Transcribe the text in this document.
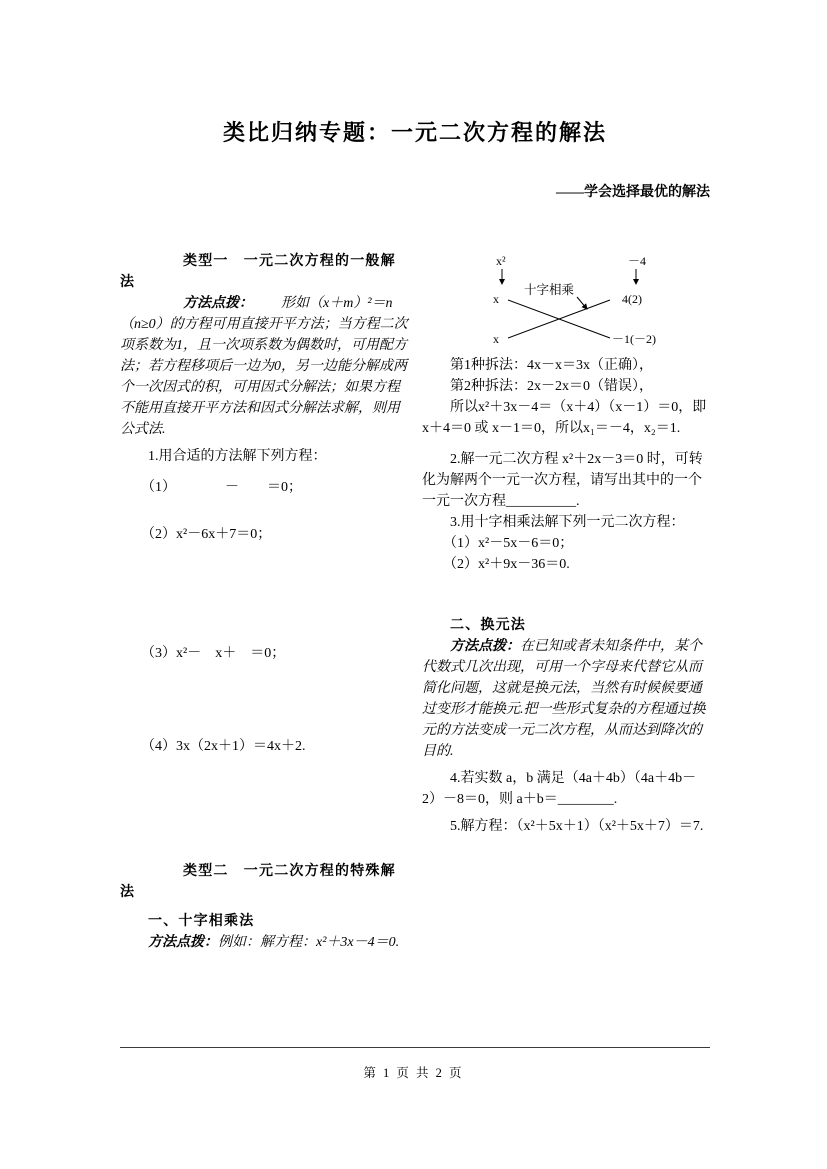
类比归纳专题：一元二次方程的解法
——学会选择最优的解法

类型一　一元二次方程的一般解法

方法点拨：　　形如（x＋m）²＝n（n≥0）的方程可用直接开平方法；当方程二次项系数为1，且一次项系数为偶数时，可用配方法；若方程移项后一边为0，另一边能分解成两个一次因式的积，可用因式分解法；如果方程不能用直接开平方法和因式分解法求解，则用公式法.

1.用合适的方法解下列方程：

（1）　　　　－　　＝0；

（2）x²－6x＋7＝0；

（3）x²－　x＋　＝0；

（4）3x（2x＋1）＝4x＋2.

类型二　一元二次方程的特殊解法

一、十字相乘法

方法点拨：例如：解方程：x²＋3x－4＝0.

x²	－4
十字相乘
x	4(2)
x	－1(－2)

第1种拆法：4x－x＝3x（正确），

第2种拆法：2x－2x＝0（错误），

所以x²＋3x－4＝（x＋4）（x－1）＝0，即x＋4＝0 或 x－1＝0，所以x₁＝－4，x₂＝1.

2.解一元二次方程 x²＋2x－3＝0 时，可转化为解两个一元一次方程，请写出其中的一个一元一次方程__________.

3.用十字相乘法解下列一元二次方程：

（1）x²－5x－6＝0；

（2）x²＋9x－36＝0.

二、换元法

方法点拨：在已知或者未知条件中，某个代数式几次出现，可用一个字母来代替它从而简化问题，这就是换元法，当然有时候候要通过变形才能换元.把一些形式复杂的方程通过换元的方法变成一元二次方程，从而达到降次的目的.

4.若实数 a，b 满足（4a＋4b）（4a＋4b－2）－8＝0，则 a＋b＝________.

5.解方程：（x²＋5x＋1）（x²＋5x＋7）＝7.

第 1 页 共 2 页
